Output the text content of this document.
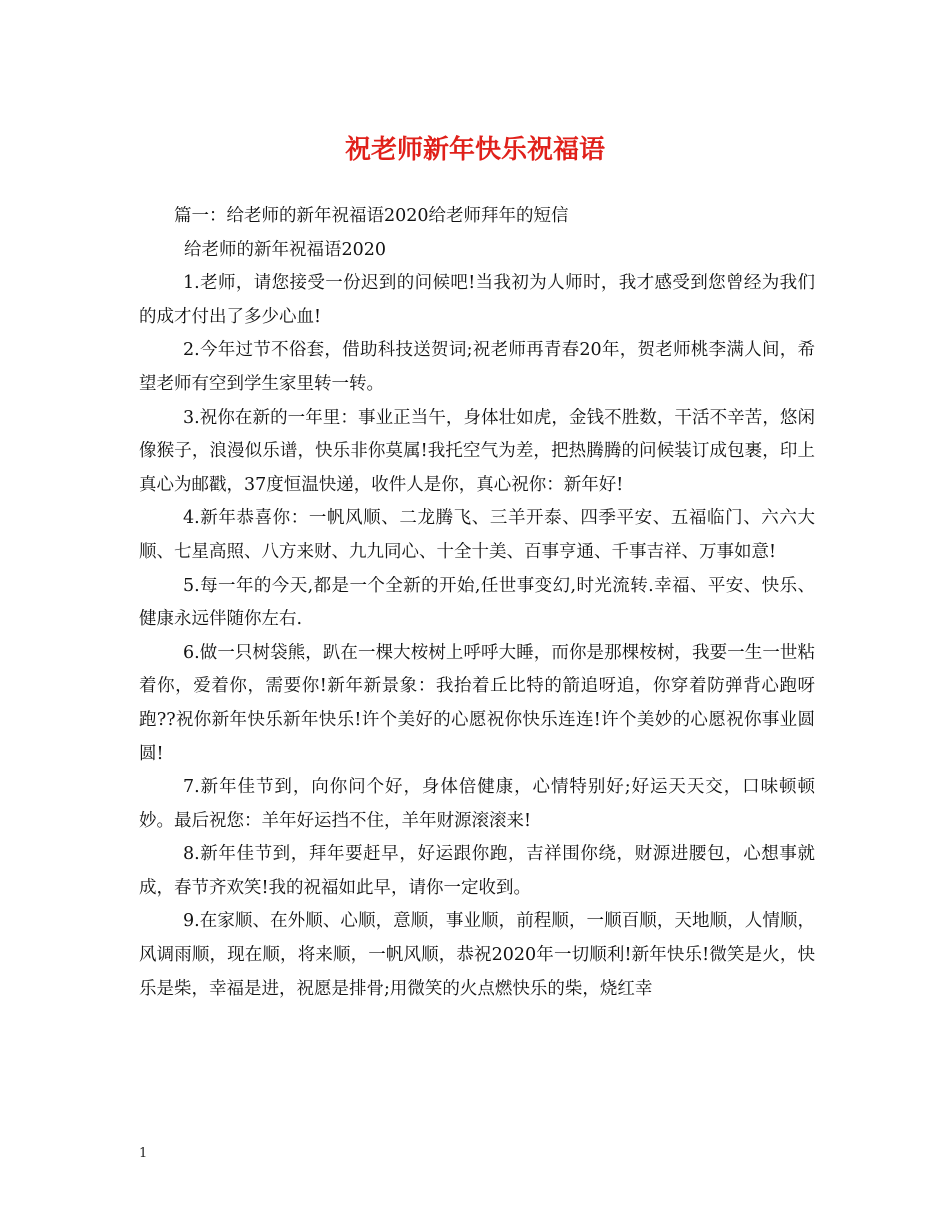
祝老师新年快乐祝福语

篇一：给老师的新年祝福语2020给老师拜年的短信

给老师的新年祝福语2020

1.老师，请您接受一份迟到的问候吧!当我初为人师时，我才感受到您曾经为我们的成才付出了多少心血!

2.今年过节不俗套，借助科技送贺词;祝老师再青春20年，贺老师桃李满人间，希望老师有空到学生家里转一转。

3.祝你在新的一年里：事业正当午，身体壮如虎，金钱不胜数，干活不辛苦，悠闲像猴子，浪漫似乐谱，快乐非你莫属!我托空气为差，把热腾腾的问候装订成包裹，印上真心为邮戳，37度恒温快递，收件人是你，真心祝你：新年好!

4.新年恭喜你：一帆风顺、二龙腾飞、三羊开泰、四季平安、五福临门、六六大顺、七星高照、八方来财、九九同心、十全十美、百事亨通、千事吉祥、万事如意!

5.每一年的今天,都是一个全新的开始,任世事变幻,时光流转.幸福、平安、快乐、健康永远伴随你左右.

6.做一只树袋熊，趴在一棵大桉树上呼呼大睡，而你是那棵桉树，我要一生一世粘着你，爱着你，需要你!新年新景象：我抬着丘比特的箭追呀追，你穿着防弹背心跑呀跑??祝你新年快乐新年快乐!许个美好的心愿祝你快乐连连!许个美妙的心愿祝你事业圆圆!

7.新年佳节到，向你问个好，身体倍健康，心情特别好;好运天天交，口味顿顿妙。最后祝您：羊年好运挡不住，羊年财源滚滚来!

8.新年佳节到，拜年要赶早，好运跟你跑，吉祥围你绕，财源进腰包，心想事就成，春节齐欢笑!我的祝福如此早，请你一定收到。

9.在家顺、在外顺、心顺，意顺，事业顺，前程顺，一顺百顺，天地顺，人情顺，风调雨顺，现在顺，将来顺，一帆风顺，恭祝2020年一切顺利!新年快乐!微笑是火，快乐是柴，幸福是进，祝愿是排骨;用微笑的火点燃快乐的柴，烧红幸

1
